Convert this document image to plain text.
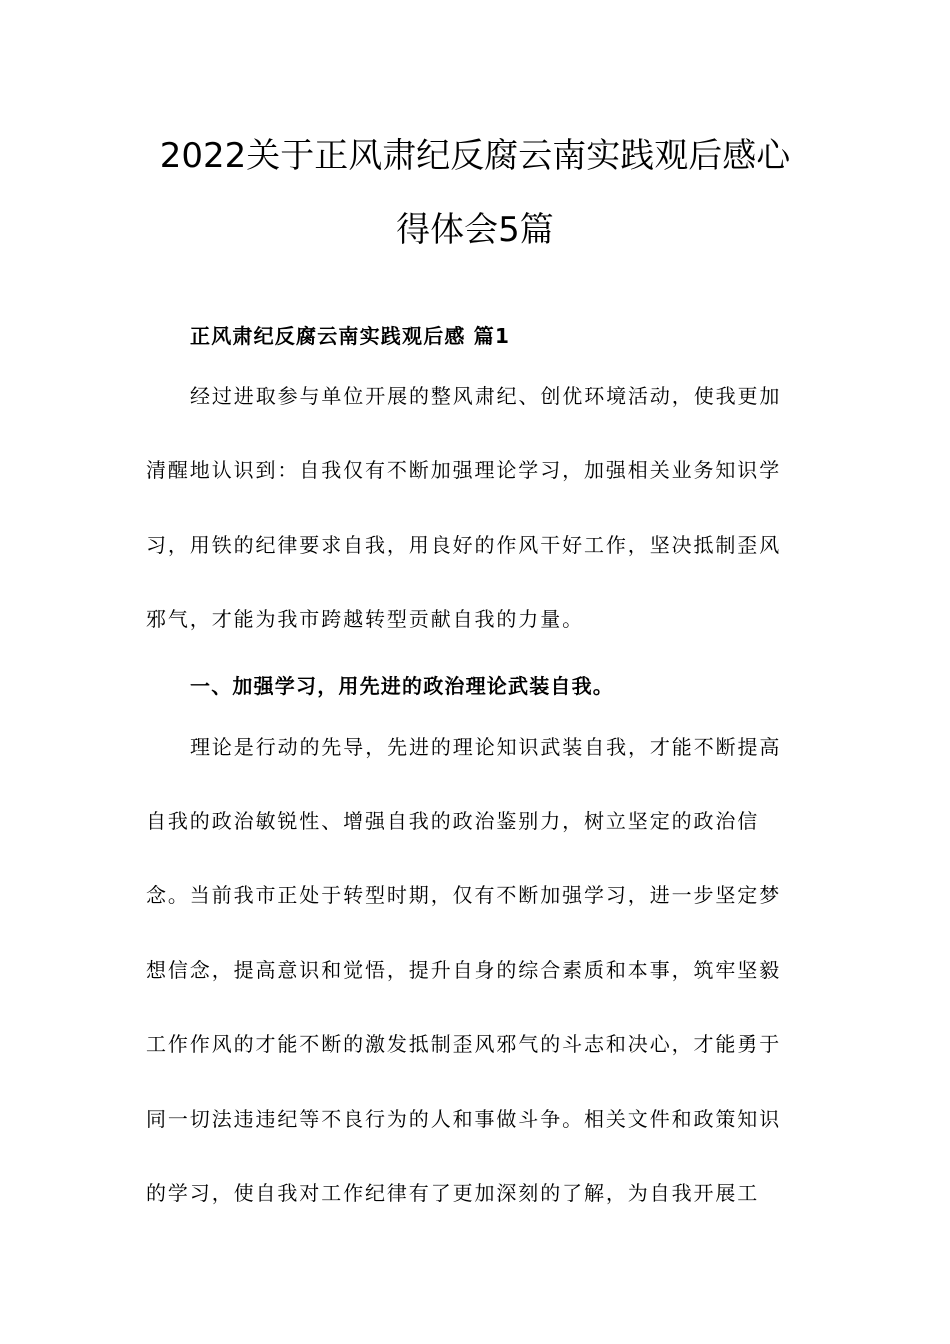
2022关于正风肃纪反腐云南实践观后感心
得体会5篇
正风肃纪反腐云南实践观后感 篇1
经过进取参与单位开展的整风肃纪、创优环境活动，使我更加
清醒地认识到：自我仅有不断加强理论学习，加强相关业务知识学
习，用铁的纪律要求自我，用良好的作风干好工作，坚决抵制歪风
邪气，才能为我市跨越转型贡献自我的力量。
一、加强学习，用先进的政治理论武装自我。
理论是行动的先导，先进的理论知识武装自我，才能不断提高
自我的政治敏锐性、增强自我的政治鉴别力，树立坚定的政治信
念。当前我市正处于转型时期，仅有不断加强学习，进一步坚定梦
想信念，提高意识和觉悟，提升自身的综合素质和本事，筑牢坚毅
工作作风的才能不断的激发抵制歪风邪气的斗志和决心，才能勇于
同一切法违违纪等不良行为的人和事做斗争。相关文件和政策知识
的学习，使自我对工作纪律有了更加深刻的了解，为自我开展工
